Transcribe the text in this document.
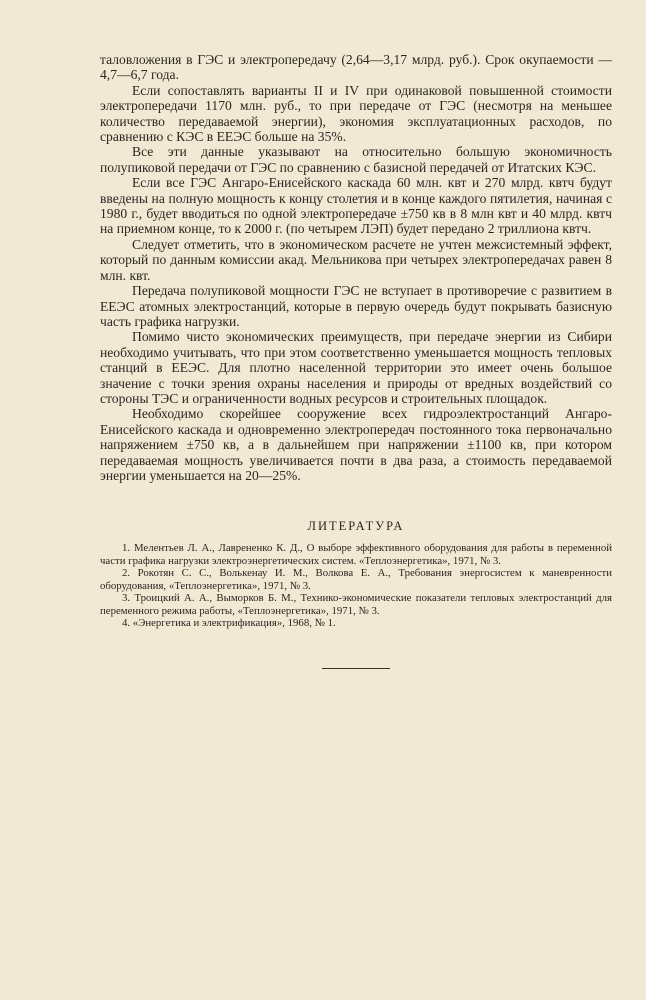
таловложения в ГЭС и электропередачу (2,64—3,17 млрд. руб.). Срок окупаемости — 4,7—6,7 года.

Если сопоставлять варианты II и IV при одинаковой повышенной стоимости электропередачи 1170 млн. руб., то при передаче от ГЭС (несмотря на меньшее количество передаваемой энергии), экономия эксплуатационных расходов, по сравнению с КЭС в ЕЕЭС больше на 35%.

Все эти данные указывают на относительно большую экономичность полупиковой передачи от ГЭС по сравнению с базисной передачей от Итатских КЭС.

Если все ГЭС Ангаро-Енисейского каскада 60 млн. квт и 270 млрд. квтч будут введены на полную мощность к концу столетия и в конце каждого пятилетия, начиная с 1980 г., будет вводиться по одной электропередаче ±750 кв в 8 млн квт и 40 млрд. квтч на приемном конце, то к 2000 г. (по четырем ЛЭП) будет передано 2 триллиона квтч.

Следует отметить, что в экономическом расчете не учтен межсистемный эффект, который по данным комиссии акад. Мельникова при четырех электропередачах равен 8 млн. квт.

Передача полупиковой мощности ГЭС не вступает в противоречие с развитием в ЕЕЭС атомных электростанций, которые в первую очередь будут покрывать базисную часть графика нагрузки.

Помимо чисто экономических преимуществ, при передаче энергии из Сибири необходимо учитывать, что при этом соответственно уменьшается мощность тепловых станций в ЕЕЭС. Для плотно населенной территории это имеет очень большое значение с точки зрения охраны населения и природы от вредных воздействий со стороны ТЭС и ограниченности водных ресурсов и строительных площадок.

Необходимо скорейшее сооружение всех гидроэлектростанций Ангаро-Енисейского каскада и одновременно электропередач постоянного тока первоначально напряжением ±750 кв, а в дальнейшем при напряжении ±1100 кв, при котором передаваемая мощность увеличивается почти в два раза, а стоимость передаваемой энергии уменьшается на 20—25%.

ЛИТЕРАТУРА

1. Мелентьев Л. А., Лавренeнко К. Д., О выборе эффективного оборудования для работы в переменной части графика нагрузки электроэнергетических систем. «Теплоэнергетика», 1971, № 3.

2. Рокотян С. С., Волькенау И. М., Волкова Е. А., Требования энергосистем к маневренности оборудования, «Теплоэнергетика», 1971, № 3.

3. Троицкий А. А., Выморков Б. М., Технико-экономические показатели тепловых электростанций для переменного режима работы, «Теплоэнергетика», 1971, № 3.

4. «Энергетика и электрификация», 1968, № 1.
